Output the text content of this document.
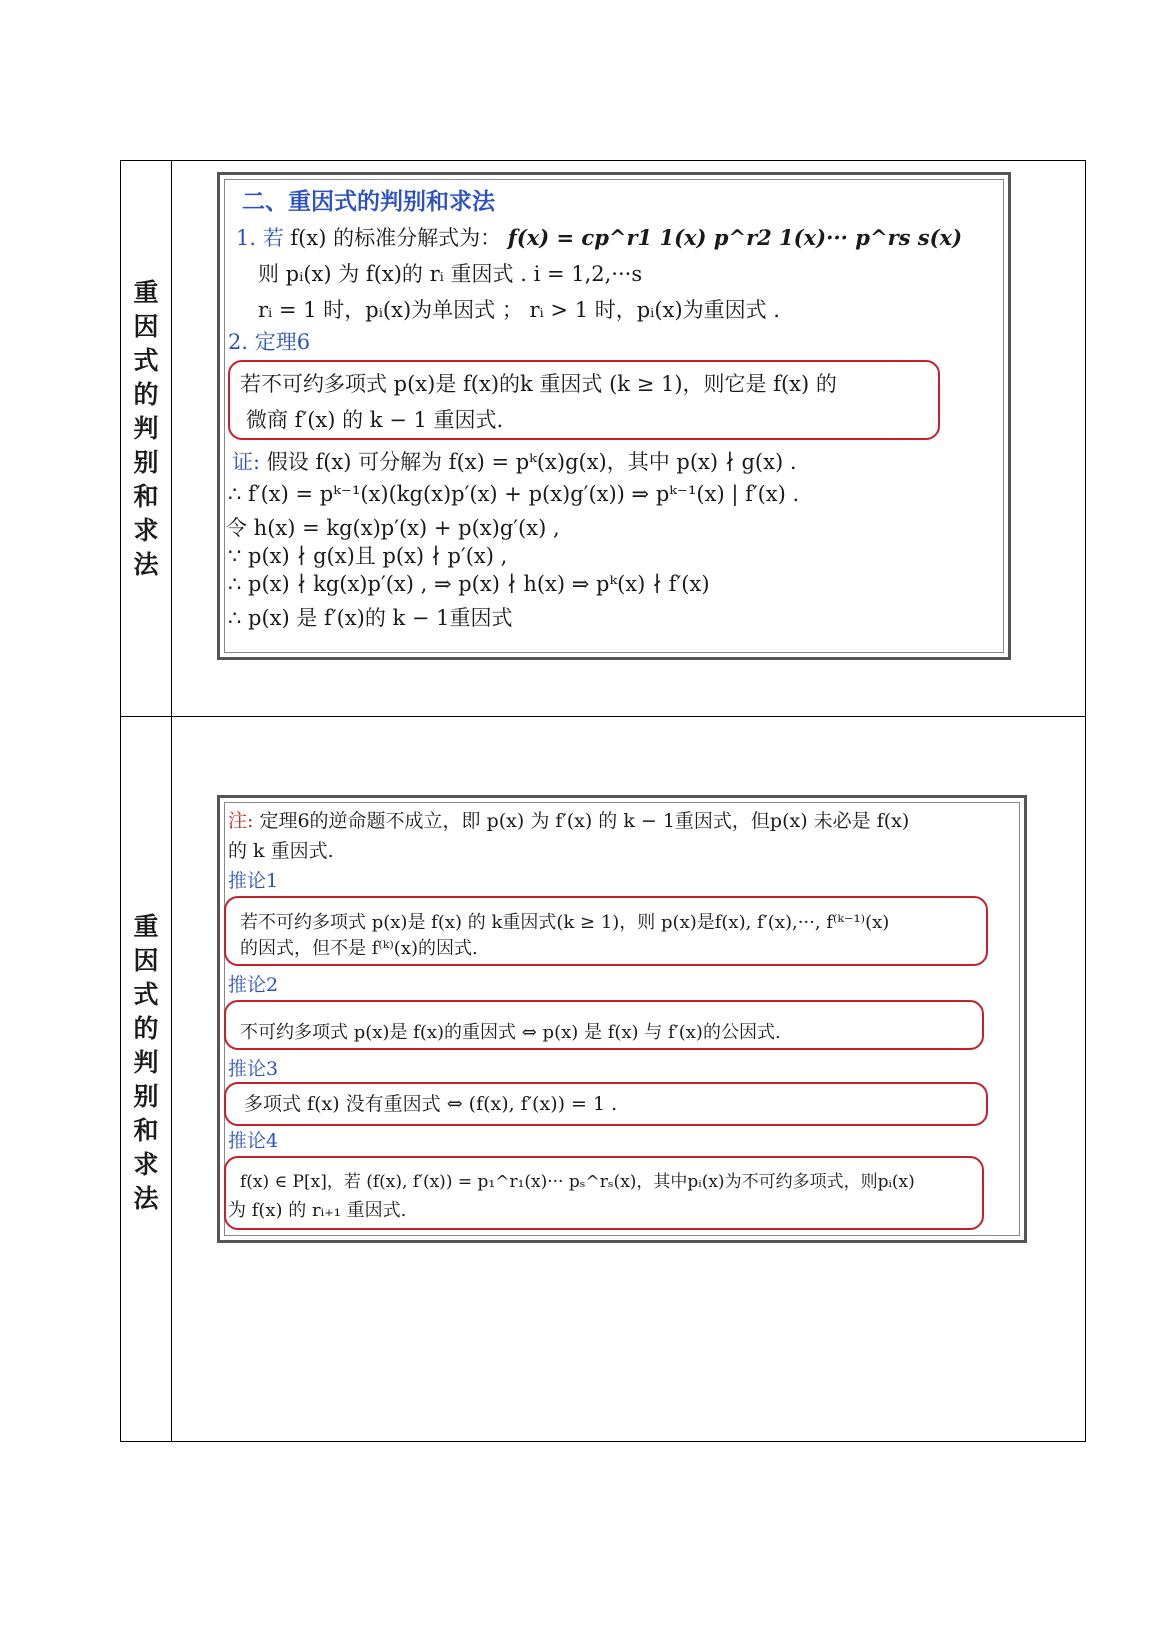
重
因
式
的
判
别
和
求
法
二、重因式的判别和求法
1. 若 f(x) 的标准分解式为： f(x) = cp^r1 1(x) p^r2 1(x)··· p^rs s(x)
则 pᵢ(x) 为 f(x)的 rᵢ 重因式 . i = 1,2,···s
rᵢ = 1 时，pᵢ(x)为单因式 ； rᵢ > 1 时，pᵢ(x)为重因式 .
2. 定理6
若不可约多项式 p(x)是 f(x)的k 重因式 (k ≥ 1)，则它是 f(x) 的
微商 f′(x) 的 k − 1 重因式.
证: 假设 f(x) 可分解为 f(x) = pᵏ(x)g(x)，其中 p(x) ∤ g(x) .
∴ f′(x) = pᵏ⁻¹(x)(kg(x)p′(x) + p(x)g′(x)) ⇒ pᵏ⁻¹(x) | f′(x) .
令 h(x) = kg(x)p′(x) + p(x)g′(x) ,
∵ p(x) ∤ g(x)且 p(x) ∤ p′(x) ,
∴ p(x) ∤ kg(x)p′(x) , ⇒ p(x) ∤ h(x) ⇒ pᵏ(x) ∤ f′(x)
∴ p(x) 是 f′(x)的 k − 1重因式
重
因
式
的
判
别
和
求
法
注: 定理6的逆命题不成立，即 p(x) 为 f′(x) 的 k − 1重因式，但p(x) 未必是 f(x)
的 k 重因式.
推论1
若不可约多项式 p(x)是 f(x) 的 k重因式(k ≥ 1)，则 p(x)是f(x), f′(x),···, f⁽ᵏ⁻¹⁾(x)
的因式，但不是 f⁽ᵏ⁾(x)的因式.
推论2
不可约多项式 p(x)是 f(x)的重因式 ⇔ p(x) 是 f(x) 与 f′(x)的公因式.
推论3
多项式 f(x) 没有重因式 ⇔ (f(x), f′(x)) = 1 .
推论4
f(x) ∈ P[x]，若 (f(x), f′(x)) = p₁^r₁(x)··· pₛ^rₛ(x)，其中pᵢ(x)为不可约多项式，则pᵢ(x)
为 f(x) 的 rᵢ₊₁ 重因式.
